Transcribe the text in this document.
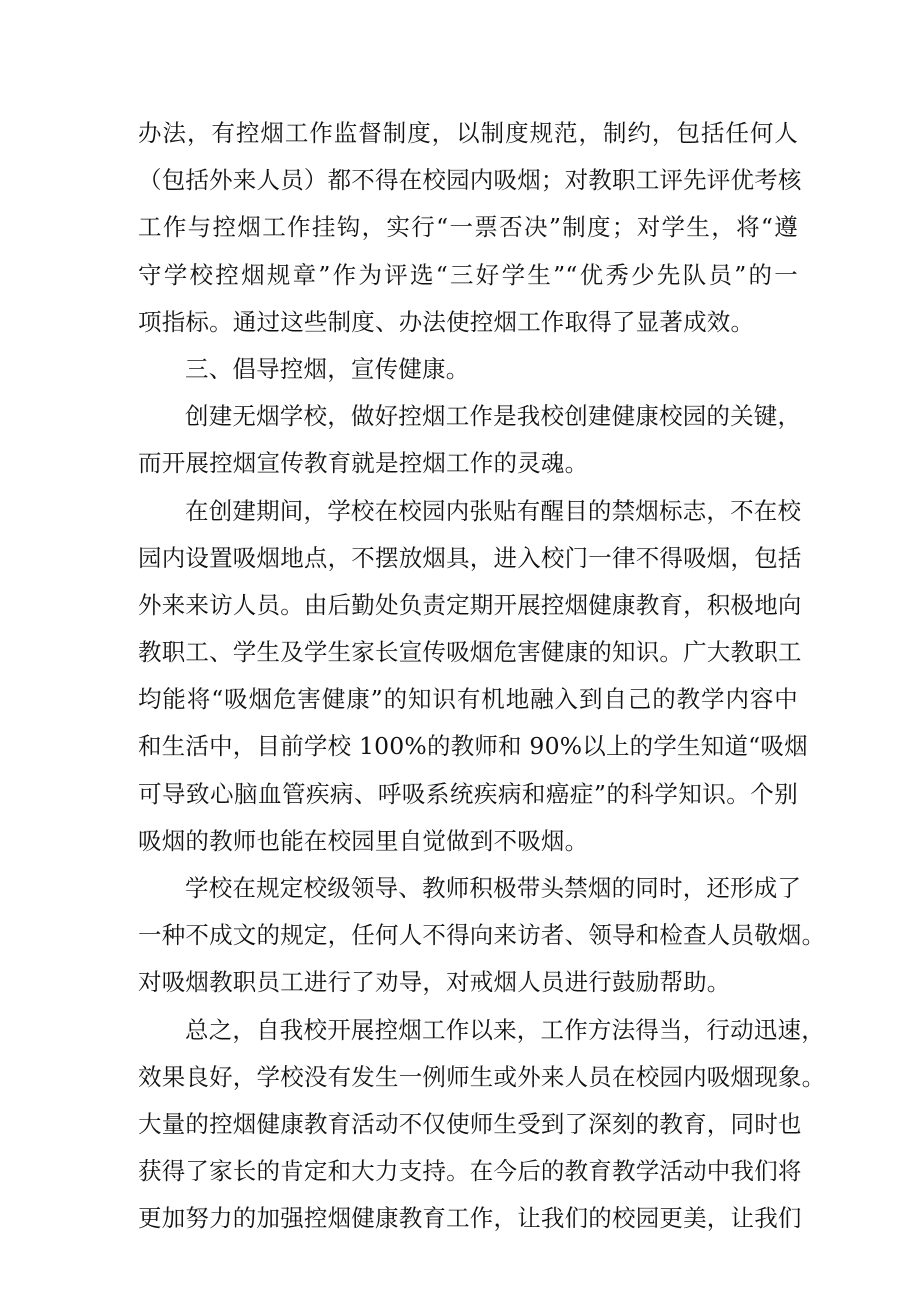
办法，有控烟工作监督制度，以制度规范，制约，包括任何人
（包括外来人员）都不得在校园内吸烟；对教职工评先评优考核
工作与控烟工作挂钩，实行“一票否决”制度；对学生，将“遵
守学校控烟规章”作为评选“三好学生”“优秀少先队员”的一
项指标。通过这些制度、办法使控烟工作取得了显著成效。
三、倡导控烟，宣传健康。
创建无烟学校，做好控烟工作是我校创建健康校园的关键，
而开展控烟宣传教育就是控烟工作的灵魂。
在创建期间，学校在校园内张贴有醒目的禁烟标志，不在校
园内设置吸烟地点，不摆放烟具，进入校门一律不得吸烟，包括
外来来访人员。由后勤处负责定期开展控烟健康教育，积极地向
教职工、学生及学生家长宣传吸烟危害健康的知识。广大教职工
均能将“吸烟危害健康”的知识有机地融入到自己的教学内容中
和生活中，目前学校 100%的教师和 90%以上的学生知道“吸烟
可导致心脑血管疾病、呼吸系统疾病和癌症”的科学知识。个别
吸烟的教师也能在校园里自觉做到不吸烟。
学校在规定校级领导、教师积极带头禁烟的同时，还形成了
一种不成文的规定，任何人不得向来访者、领导和检查人员敬烟。
对吸烟教职员工进行了劝导，对戒烟人员进行鼓励帮助。
总之，自我校开展控烟工作以来，工作方法得当，行动迅速，
效果良好，学校没有发生一例师生或外来人员在校园内吸烟现象。
大量的控烟健康教育活动不仅使师生受到了深刻的教育，同时也
获得了家长的肯定和大力支持。在今后的教育教学活动中我们将
更加努力的加强控烟健康教育工作，让我们的校园更美，让我们
